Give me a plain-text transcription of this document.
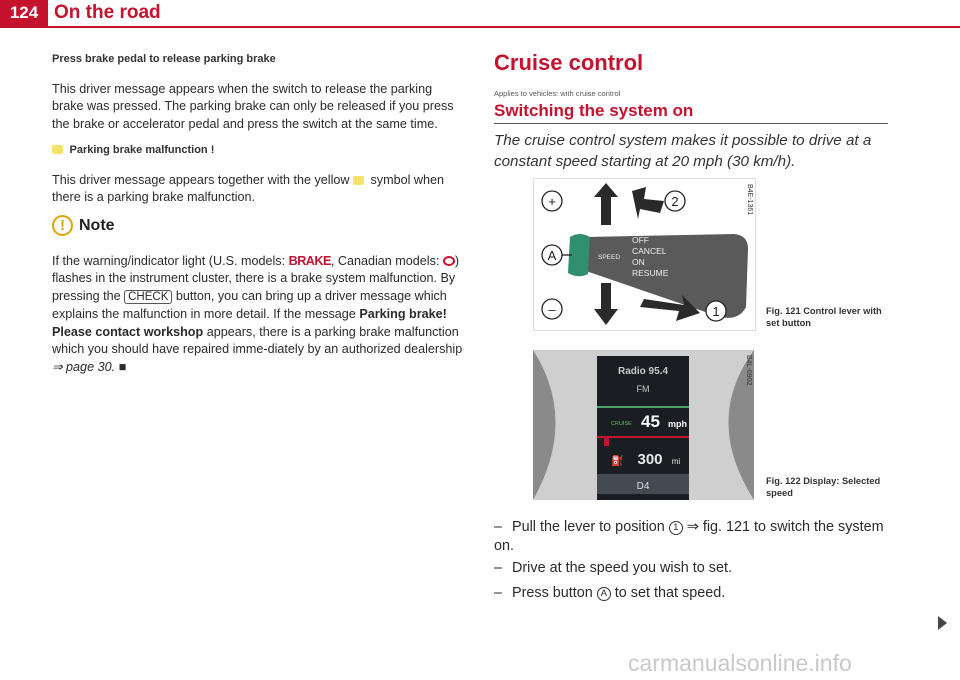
124 On the road
Press brake pedal to release parking brake

This driver message appears when the switch to release the parking brake was pressed. The parking brake can only be released if you press the brake or accelerator pedal and press the switch at the same time.

Parking brake malfunction !

This driver message appears together with the yellow symbol when there is a parking brake malfunction.

! Note

If the warning/indicator light (U.S. models: BRAKE, Canadian models: ) flashes in the instrument cluster, there is a brake system malfunction. By pressing the CHECK button, you can bring up a driver message which explains the malfunction in more detail. If the message Parking brake! Please contact workshop appears, there is a parking brake malfunction which you should have repaired imme-diately by an authorized dealership ⇒ page 30. ■

Cruise control
Applies to vehicles: with cruise control
Switching the system on
The cruise control system makes it possible to drive at a constant speed starting at 20 mph (30 km/h).
+	2
A
–	1
SPEED
OFF
CANCEL
ON
RESUME
B4E-1361
Fig. 121 Control lever with set button
Radio 95.4
FM
CRUISE 45 mph
⛽ 300 mi
D4
B4L-0902
Fig. 122 Display: Selected speed
– Pull the lever to position 1 ⇒ fig. 121 to switch the system on.
– Drive at the speed you wish to set.
– Press button A to set that speed.
carmanualsonline.info
